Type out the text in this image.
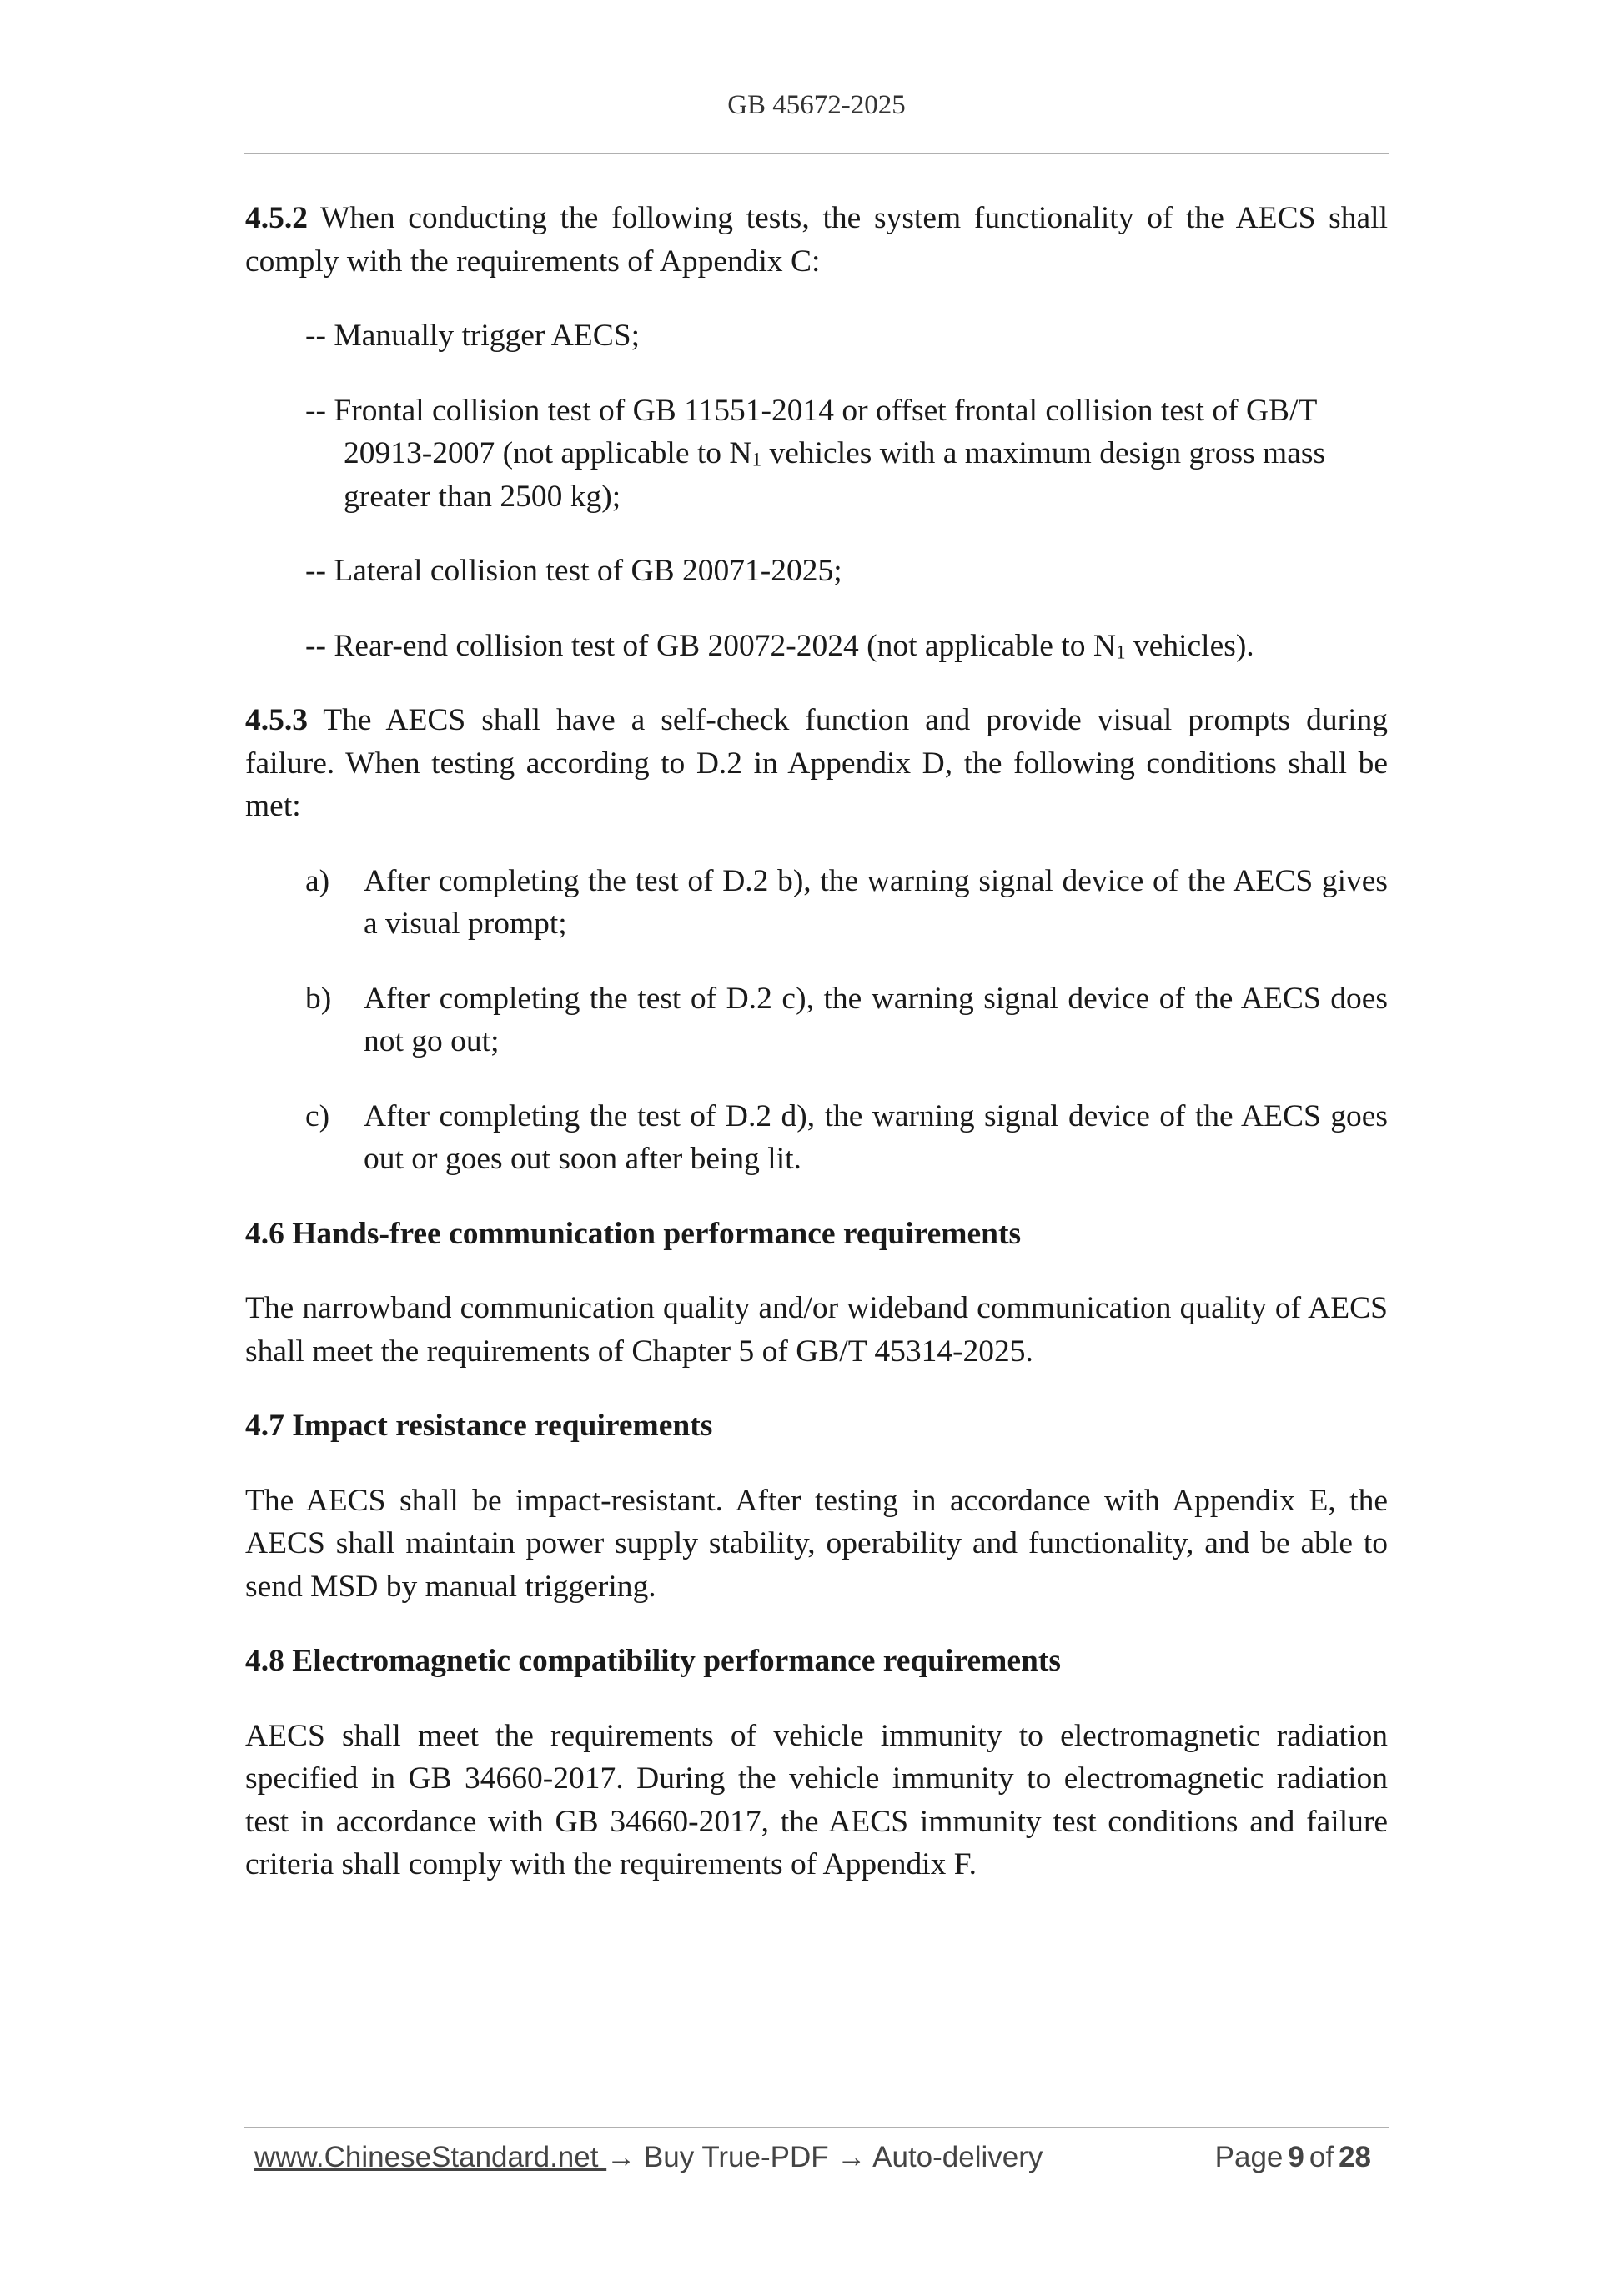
GB 45672-2025

4.5.2 When conducting the following tests, the system functionality of the AECS shall comply with the requirements of Appendix C:

-- Manually trigger AECS;
-- Frontal collision test of GB 11551-2014 or offset frontal collision test of GB/T 20913-2007 (not applicable to $N_1$ vehicles with a maximum design gross mass greater than 2500 kg);
-- Lateral collision test of GB 20071-2025;
-- Rear-end collision test of GB 20072-2024 (not applicable to $N_1$ vehicles).

4.5.3 The AECS shall have a self-check function and provide visual prompts during failure. When testing according to D.2 in Appendix D, the following conditions shall be met:

a) After completing the test of D.2 b), the warning signal device of the AECS gives a visual prompt;
b) After completing the test of D.2 c), the warning signal device of the AECS does not go out;
c) After completing the test of D.2 d), the warning signal device of the AECS goes out or goes out soon after being lit.

4.6 Hands-free communication performance requirements

The narrowband communication quality and/or wideband communication quality of AECS shall meet the requirements of Chapter 5 of GB/T 45314-2025.

4.7 Impact resistance requirements

The AECS shall be impact-resistant. After testing in accordance with Appendix E, the AECS shall maintain power supply stability, operability and functionality, and be able to send MSD by manual triggering.

4.8 Electromagnetic compatibility performance requirements

AECS shall meet the requirements of vehicle immunity to electromagnetic radiation specified in GB 34660-2017. During the vehicle immunity to electromagnetic radiation test in accordance with GB 34660-2017, the AECS immunity test conditions and failure criteria shall comply with the requirements of Appendix F.

www.ChineseStandard.net → Buy True-PDF → Auto-delivery	Page 9 of 28
